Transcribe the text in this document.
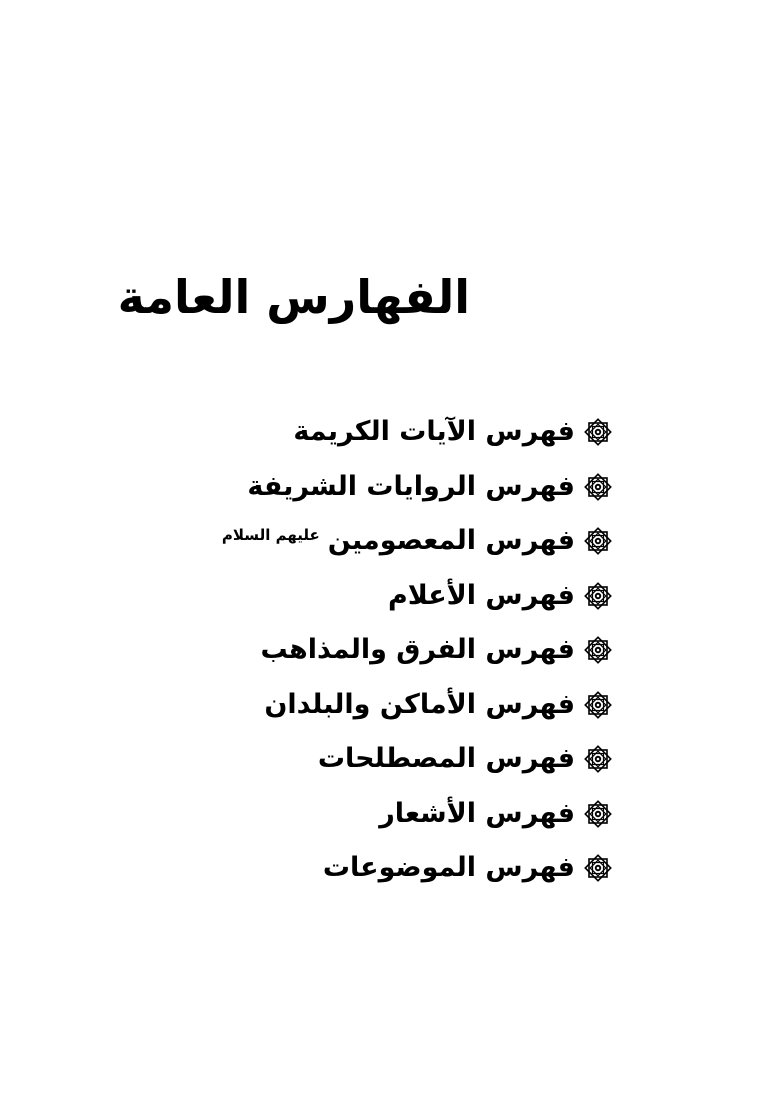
الفهارس العامة
فهرس الآيات الكريمة
فهرس الروايات الشريفة
فهرس المعصومين
عليهم السلام
فهرس الأعلام
فهرس الفرق والمذاهب
فهرس الأماكن والبلدان
فهرس المصطلحات
فهرس الأشعار
فهرس الموضوعات
